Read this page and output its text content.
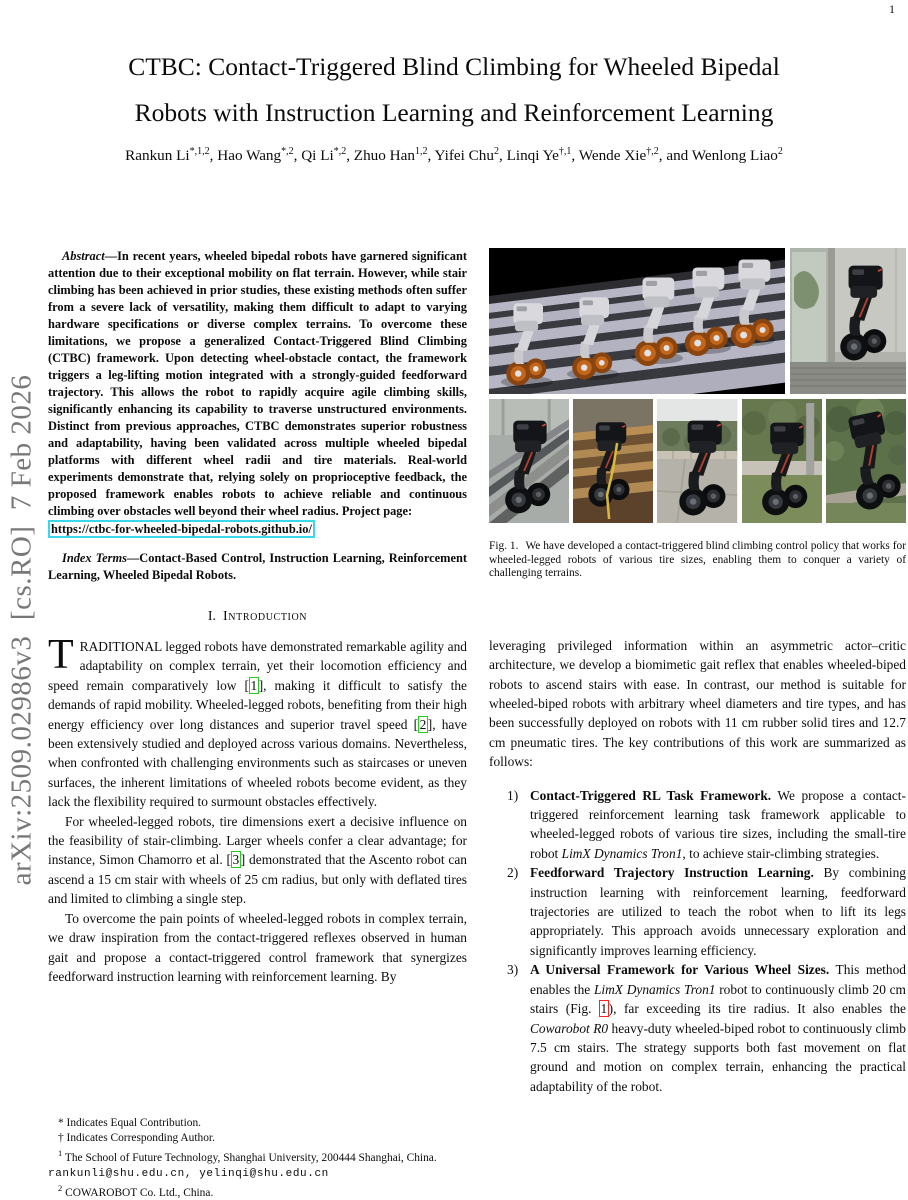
1
arXiv:2509.02986v3  [cs.RO]  7 Feb 2026
CTBC: Contact-Triggered Blind Climbing for Wheeled Bipedal
Robots with Instruction Learning and Reinforcement Learning
Rankun $Li^{*,1,2}$, Hao Wang$^{*,2}$, Qi $Li^{*,2}$, Zhuo Han$^{1,2}$, Yifei Chu$^2$, Linqi $Ye^{\dagger,1}$, Wende Xie$^{\dagger,2}$, and Wenlong Liao$^2$

Abstract—In recent years, wheeled bipedal robots have garnered significant attention due to their exceptional mobility on flat terrain. However, while stair climbing has been achieved in prior studies, these existing methods often suffer from a severe lack of versatility, making them difficult to adapt to varying hardware specifications or diverse complex terrains. To overcome these limitations, we propose a generalized Contact-Triggered Blind Climbing (CTBC) framework. Upon detecting wheel-obstacle contact, the framework triggers a leg-lifting motion integrated with a strongly-guided feedforward trajectory. This allows the robot to rapidly acquire agile climbing skills, significantly enhancing its capability to traverse unstructured environments. Distinct from previous approaches, CTBC demonstrates superior robustness and adaptability, having been validated across multiple wheeled bipedal platforms with different wheel radii and tire materials. Real-world experiments demonstrate that, relying solely on proprioceptive feedback, the proposed framework enables robots to achieve reliable and continuous climbing over obstacles well beyond their wheel radius. Project page:

https://ctbc-for-wheeled-bipedal-robots.github.io/

Index Terms—Contact-Based Control, Instruction Learning, Reinforcement Learning, Wheeled Bipedal Robots.

I. Introduction

TRADITIONAL legged robots have demonstrated remarkable agility and adaptability on complex terrain, yet their locomotion efficiency and speed remain comparatively low [ 1 ], making it difficult to satisfy the demands of rapid mobility. Wheeled-legged robots, benefiting from their high energy efficiency over long distances and superior travel speed [ 2 ], have been extensively studied and deployed across various domains. Nevertheless, when confronted with challenging environments such as staircases or uneven surfaces, the inherent limitations of wheeled robots become evident, as they lack the flexibility required to surmount obstacles effectively.

For wheeled-legged robots, tire dimensions exert a decisive influence on the feasibility of stair-climbing. Larger wheels confer a clear advantage; for instance, Simon Chamorro et al. [ 3 ] demonstrated that the Ascento robot can ascend a 15 cm stair with wheels of 25 cm radius, but only with deflated tires and limited to climbing a single step.

To overcome the pain points of wheeled-legged robots in complex terrain, we draw inspiration from the contact-triggered reflexes observed in human gait and propose a contact-triggered control framework that synergizes feedforward instruction learning with reinforcement learning. By

* Indicates Equal Contribution.

† Indicates Corresponding Author.

$^1$ The School of Future Technology, Shanghai University, 200444 Shanghai, China. rankunli@shu.edu.cn, yelinqi@shu.edu.cn

$^2$ COWAROBOT Co. Ltd., China.

Fig. 1. We have developed a contact-triggered blind climbing control policy that works for wheeled-legged robots of various tire sizes, enabling them to conquer a variety of challenging terrains.

leveraging privileged information within an asymmetric actor–critic architecture, we develop a biomimetic gait reflex that enables wheeled-biped robots to ascend stairs with ease. In contrast, our method is suitable for wheeled-biped robots with arbitrary wheel diameters and tire types, and has been successfully deployed on robots with 11 cm rubber solid tires and 12.7 cm pneumatic tires. The key contributions of this work are summarized as follows:

1) Contact-Triggered RL Task Framework. We propose a contact-triggered reinforcement learning task framework applicable to wheeled-legged robots of various tire sizes, including the small-tire robot LimX Dynamics Tron1, to achieve stair-climbing strategies.
2) Feedforward Trajectory Instruction Learning. By combining instruction learning with reinforcement learning, feedforward trajectories are utilized to teach the robot when to lift its legs appropriately. This approach avoids unnecessary exploration and significantly improves learning efficiency.
3) A Universal Framework for Various Wheel Sizes. This method enables the LimX Dynamics Tron1 robot to continuously climb 20 cm stairs (Fig. 1 ), far exceeding its tire radius. It also enables the Cowarobot R0 heavy-duty wheeled-biped robot to continuously climb 7.5 cm stairs. The strategy supports both fast movement on flat ground and motion on complex terrain, enhancing the practical adaptability of the robot.
